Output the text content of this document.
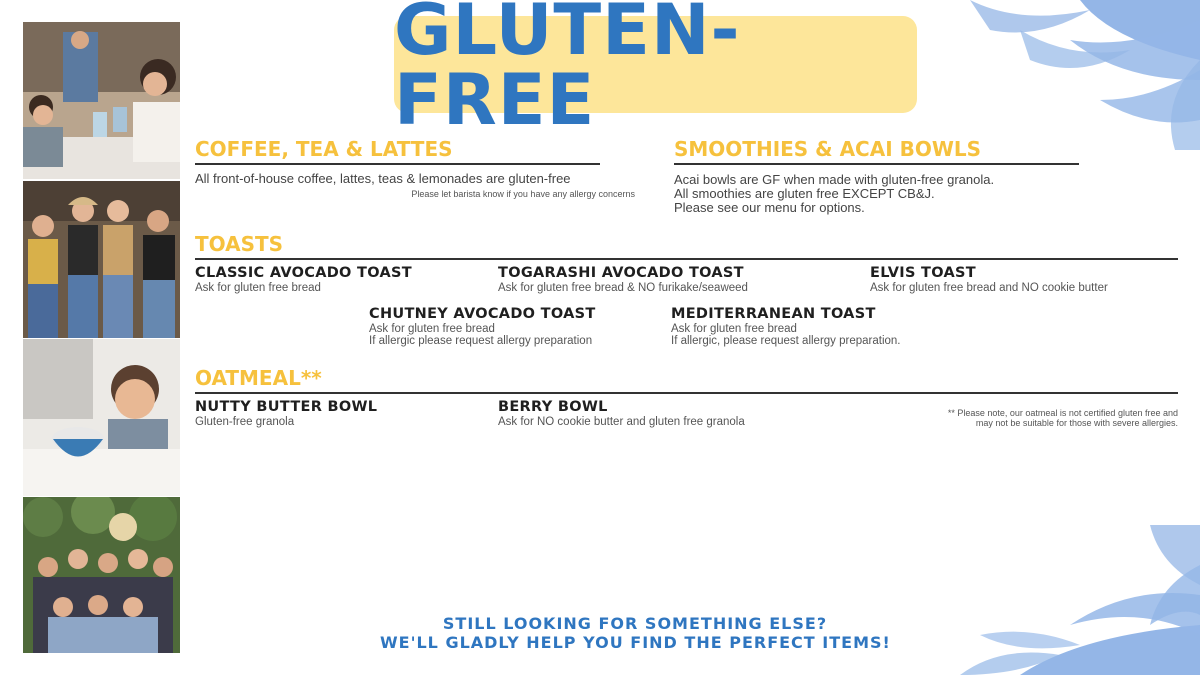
GLUTEN-FREE
COFFEE, TEA & LATTES
All front-of-house coffee, lattes, teas & lemonades are gluten-free
Please let barista know if you have any allergy concerns
SMOOTHIES & ACAI BOWLS
Acai bowls are GF when made with gluten-free granola.
All smoothies are gluten free EXCEPT CB&J.
Please see our menu for options.
TOASTS
CLASSIC AVOCADO TOAST
Ask for gluten free bread
TOGARASHI AVOCADO TOAST
Ask for gluten free bread & NO furikake/seaweed
ELVIS TOAST
Ask for gluten free bread and NO cookie butter
CHUTNEY AVOCADO TOAST
Ask for gluten free bread
If allergic please request allergy preparation
MEDITERRANEAN TOAST
Ask for gluten free bread
If allergic, please request allergy preparation.
OATMEAL**
NUTTY BUTTER BOWL
Gluten-free granola
BERRY BOWL
Ask for NO cookie butter and gluten free granola
** Please note, our oatmeal is not certified gluten free and
may not be suitable for those with severe allergies.
STILL LOOKING FOR SOMETHING ELSE?
WE'LL GLADLY HELP YOU FIND THE PERFECT ITEMS!
